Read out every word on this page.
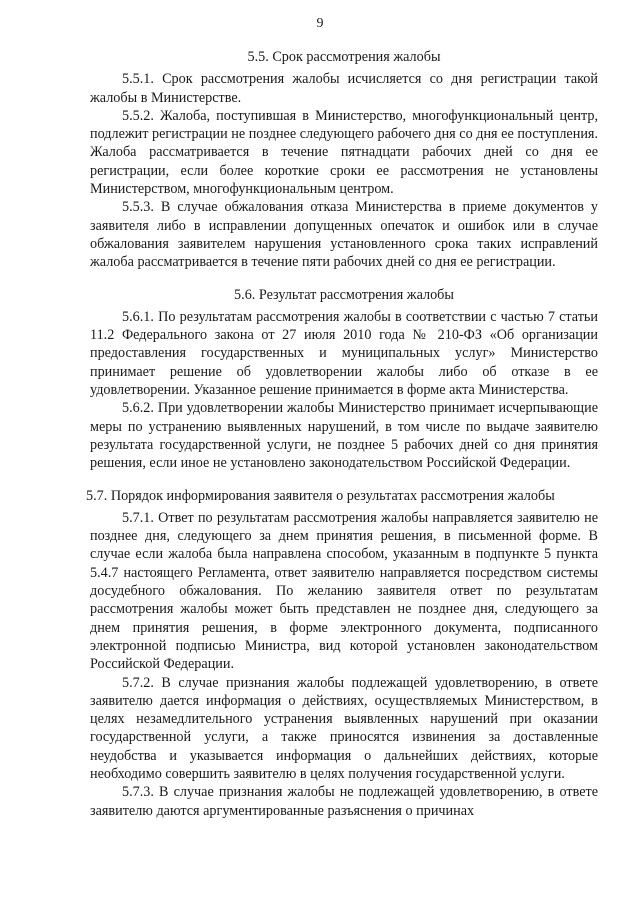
9

5.5. Срок рассмотрения жалобы

5.5.1. Срок рассмотрения жалобы исчисляется со дня регистрации такой жалобы в Министерстве.

5.5.2. Жалоба, поступившая в Министерство, многофункциональный центр, подлежит регистрации не позднее следующего рабочего дня со дня ее поступления. Жалоба рассматривается в течение пятнадцати рабочих дней со дня ее регистрации, если более короткие сроки ее рассмотрения не установлены Министерством, многофункциональным центром.

5.5.3. В случае обжалования отказа Министерства в приеме документов у заявителя либо в исправлении допущенных опечаток и ошибок или в случае обжалования заявителем нарушения установленного срока таких исправлений жалоба рассматривается в течение пяти рабочих дней со дня ее регистрации.

5.6. Результат рассмотрения жалобы

5.6.1. По результатам рассмотрения жалобы в соответствии с частью 7 статьи 11.2 Федерального закона от 27 июля 2010 года № 210-ФЗ «Об организации предоставления государственных и муниципальных услуг» Министерство принимает решение об удовлетворении жалобы либо об отказе в ее удовлетворении. Указанное решение принимается в форме акта Министерства.

5.6.2. При удовлетворении жалобы Министерство принимает исчерпывающие меры по устранению выявленных нарушений, в том числе по выдаче заявителю результата государственной услуги, не позднее 5 рабочих дней со дня принятия решения, если иное не установлено законодательством Российской Федерации.

5.7. Порядок информирования заявителя о результатах рассмотрения жалобы

5.7.1. Ответ по результатам рассмотрения жалобы направляется заявителю не позднее дня, следующего за днем принятия решения, в письменной форме. В случае если жалоба была направлена способом, указанным в подпункте 5 пункта 5.4.7 настоящего Регламента, ответ заявителю направляется посредством системы досудебного обжалования. По желанию заявителя ответ по результатам рассмотрения жалобы может быть представлен не позднее дня, следующего за днем принятия решения, в форме электронного документа, подписанного электронной подписью Министра, вид которой установлен законодательством Российской Федерации.

5.7.2. В случае признания жалобы подлежащей удовлетворению, в ответе заявителю дается информация о действиях, осуществляемых Министерством, в целях незамедлительного устранения выявленных нарушений при оказании государственной услуги, а также приносятся извинения за доставленные неудобства и указывается информация о дальнейших действиях, которые необходимо совершить заявителю в целях получения государственной услуги.

5.7.3. В случае признания жалобы не подлежащей удовлетворению, в ответе заявителю даются аргументированные разъяснения о причинах
